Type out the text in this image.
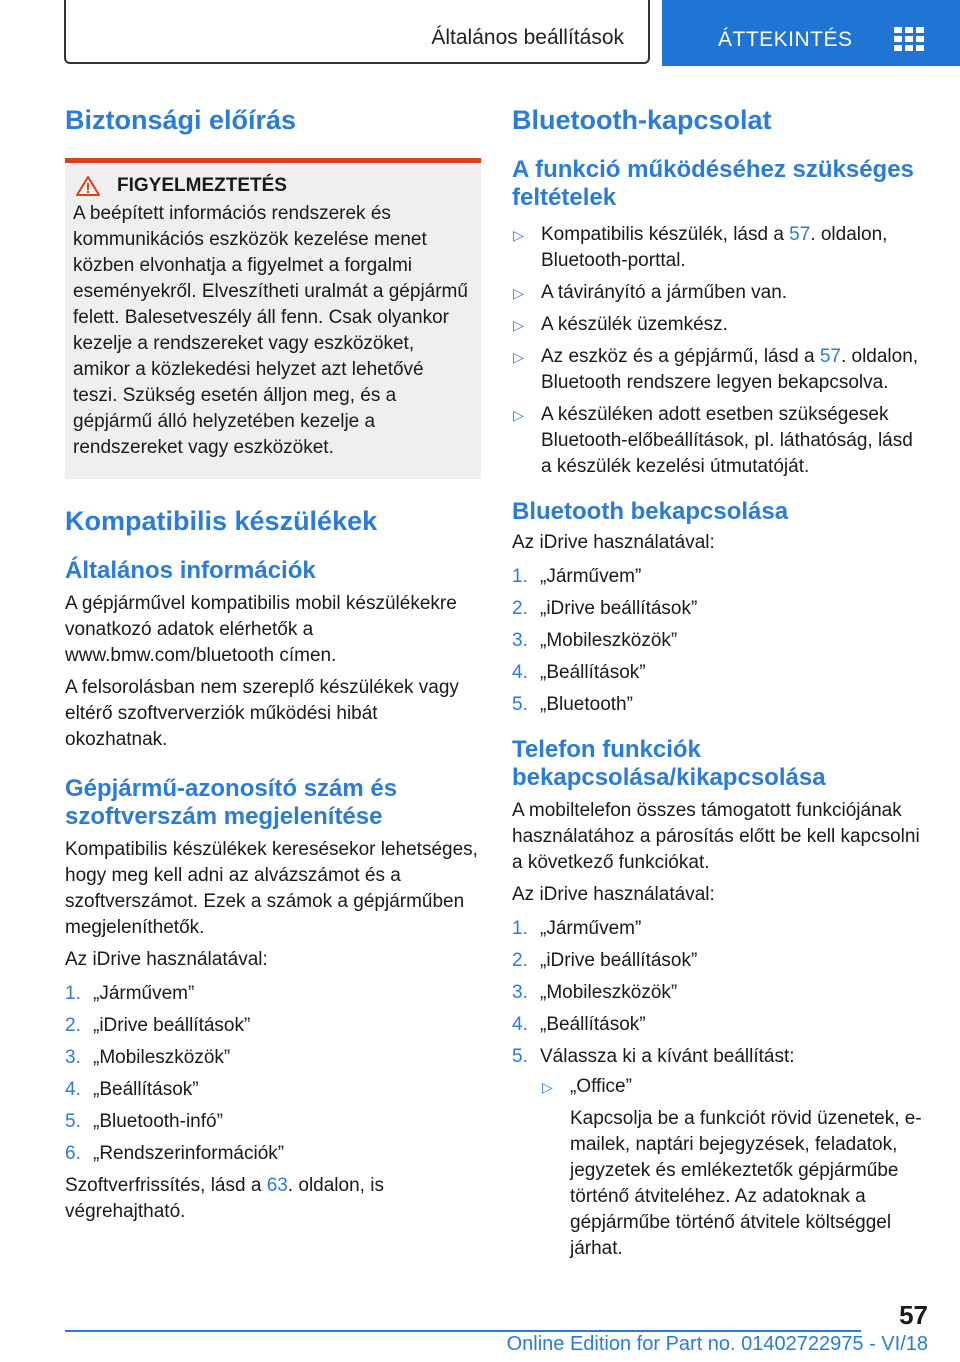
Általános beállítások	ÁTTEKINTÉS
Biztonsági előírás
FIGYELMEZTETÉS

A beépített információs rendszerek és kommunikációs eszközök kezelése menet közben elvonhatja a figyelmet a forgalmi eseményekről. Elveszítheti uralmát a gépjármű felett. Balesetveszély áll fenn. Csak olyankor kezelje a rendszereket vagy eszközöket, amikor a közlekedési helyzet azt lehetővé teszi. Szükség esetén álljon meg, és a gépjármű álló helyzetében kezelje a rendszereket vagy eszközöket.

Kompatibilis készülékek
Általános információk

A gépjárművel kompatibilis mobil készülékekre vonatkozó adatok elérhetők a www.bmw.com/bluetooth címen.

A felsorolásban nem szereplő készülékek vagy eltérő szoftververziók működési hibát okozhatnak.

Gépjármű-azonosító szám és szoftverszám megjelenítése

Kompatibilis készülékek keresésekor lehetséges, hogy meg kell adni az alvázszámot és a szoftverszámot. Ezek a számok a gépjárműben megjeleníthetők.

Az iDrive használatával:

1. „Járművem”
2. „iDrive beállítások”
3. „Mobileszközök”
4. „Beállítások”
5. „Bluetooth-infó”
6. „Rendszerinformációk”

Szoftverfrissítés, lásd a 63. oldalon, is végrehajtható.

Bluetooth-kapcsolat
A funkció működéséhez szükséges feltételek
▷ Kompatibilis készülék, lásd a 57. oldalon, Bluetooth-porttal.
▷ A távirányító a járműben van.
▷ A készülék üzemkész.
▷ Az eszköz és a gépjármű, lásd a 57. oldalon, Bluetooth rendszere legyen bekapcsolva.
▷ A készüléken adott esetben szükségesek Bluetooth-előbeállítások, pl. láthatóság, lásd a készülék kezelési útmutatóját.
Bluetooth bekapcsolása

Az iDrive használatával:

1. „Járművem”
2. „iDrive beállítások”
3. „Mobileszközök”
4. „Beállítások”
5. „Bluetooth”
Telefon funkciók bekapcsolása/kikapcsolása

A mobiltelefon összes támogatott funkciójának használatához a párosítás előtt be kell kapcsolni a következő funkciókat.

Az iDrive használatával:

1. „Járművem”
2. „iDrive beállítások”
3. „Mobileszközök”
4. „Beállítások”
5. Válassza ki a kívánt beállítást:
▷ „Office”

Kapcsolja be a funkciót rövid üzenetek, e-mailek, naptári bejegyzések, feladatok, jegyzetek és emlékeztetők gépjárműbe történő átviteléhez. Az adatoknak a gépjárműbe történő átvitele költséggel járhat.

57
Online Edition for Part no. 01402722975 - VI/18
